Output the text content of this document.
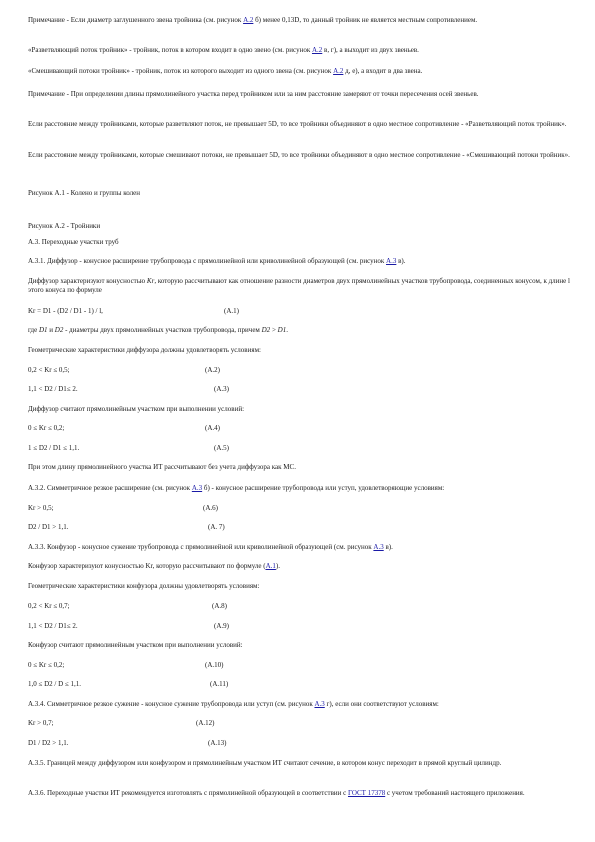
Примечание - Если диаметр заглушенного звена тройника (см. рисунок А.2 б) менее 0,13D, то данный тройник не является местным сопротивлением.

«Разветвляющий поток тройник» - тройник, поток в котором входит в одно звено (см. рисунок А.2 в, г), а выходит из двух звеньев.

«Смешивающий потоки тройник» - тройник, поток из которого выходит из одного звена (см. рисунок А.2 д, е), а входит в два звена.

Примечание - При определении длины прямолинейного участка перед тройником или за ним расстояние замеряют от точки пересечения осей звеньев.

Если расстояние между тройниками, которые разветвляют поток, не превышает 5D, то все тройники объединяют в одно местное сопротивление - «Разветвляющий поток тройник».

Если расстояние между тройниками, которые смешивают потоки, не превышает 5D, то все тройники объединяют в одно местное сопротивление - «Смешивающий потоки тройник».

Рисунок А.1 - Колено и группы колен

Рисунок А.2 - Тройники

А.3. Переходные участки труб

А.3.1. Диффузор - конусное расширение трубопровода с прямолинейной или криволинейной образующей (см. рисунок А.3 в).

Диффузор характеризуют конусностью Kr, которую рассчитывают как отношение разности диаметров двух прямолинейных участков трубопровода, соединенных конусом, к длине l этого конуса по формуле

Kr = D1 - (D2 / D1 - 1) / l,	(А.1)

где D1 и D2 - диаметры двух прямолинейных участков трубопровода, причем D2 > D1.

Геометрические характеристики диффузора должны удовлетворять условиям:

0,2 < Kr ≤ 0,5;	(А.2)

1,1 < D2 / D1≤ 2.	(А.3)

Диффузор считают прямолинейным участком при выполнении условий:

0 ≤ Kr ≤ 0,2;	(А.4)

1 ≤ D2 / D1 ≤ 1,1.	(А.5)

При этом длину прямолинейного участка ИТ рассчитывают без учета диффузора как МС.

А.3.2. Симметричное резкое расширение (см. рисунок А.3 б) - конусное расширение трубопровода или уступ, удовлетворяющие условиям:

Kr > 0,5;	(А.6)

D2 / D1 > 1,1.	(А. 7)

А.3.3. Конфузор - конусное сужение трубопровода с прямолинейной или криволинейной образующей (см. рисунок А.3 в).

Конфузор характеризуют конусностью Kr, которую рассчитывают по формуле (А.1).

Геометрические характеристики конфузора должны удовлетворять условиям:

0,2 < Kr ≤ 0,7;	(А.8)

1,1 < D2 / D1≤ 2.	(А.9)

Конфузор считают прямолинейным участком при выполнении условий:

0 ≤ Kr ≤ 0,2;	(А.10)

1,0 ≤ D2 / D ≤ 1,1.	(А.11)

А.3.4. Симметричное резкое сужение - конусное сужение трубопровода или уступ (см. рисунок А.3 г), если они соответствуют условиям:

Kr > 0,7;	(А.12)

D1 / D2 > 1,1.	(А.13)

А.3.5. Границей между диффузором или конфузором и прямолинейным участком ИТ считают сечение, в котором конус переходит в прямой круглый цилиндр.

А.3.6. Переходные участки ИТ рекомендуется изготовлять с прямолинейной образующей в соответствии с ГОСТ 17378 с учетом требований настоящего приложения.
